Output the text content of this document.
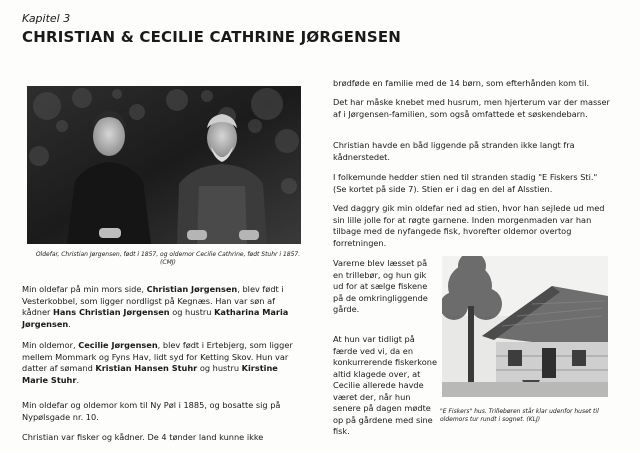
Kapitel 3
CHRISTIAN & CECILIE CATHRINE JØRGENSEN
Oldefar, Christian Jørgensen, født i 1857, og oldemor Cecilie Cathrine, født Stuhr i 1857. (CMJ)

Min oldefar på min mors side, Christian Jørgensen, blev født i Vesterkobbel, som ligger nordligst på Kegnæs. Han var søn af kådner Hans Christian Jørgensen og hustru Katharina Maria Jørgensen.

Min oldemor, Cecilie Jørgensen, blev født i Ertebjerg, som ligger mellem Mommark og Fyns Hav, lidt syd for Ketting Skov. Hun var datter af sømand Kristian Hansen Stuhr og hustru Kirstine Marie Stuhr.

Min oldefar og oldemor kom til Ny Pøl i 1885, og bosatte sig på Nypølsgade nr. 10.

Christian var fisker og kådner. De 4 tønder land kunne ikke

brødføde en familie med de 14 børn, som efterhånden kom til.

Det har måske knebet med husrum, men hjerterum var der masser af i Jørgensen-familien, som også omfattede et søskendebarn.

Christian havde en båd liggende på stranden ikke langt fra kådnerstedet.

I folkemunde hedder stien ned til stranden stadig "E Fiskers Sti." (Se kortet på side 7). Stien er i dag en del af Alsstien.

Ved daggry gik min oldefar ned ad stien, hvor han sejlede ud med sin lille jolle for at røgte garnene. Inden morgenmaden var han tilbage med de nyfangede fisk, hvorefter oldemor overtog forretningen.

Varerne blev læsset på en trillebør, og hun gik ud for at sælge fiskene på de omkringliggende gårde.

At hun var tidligt på færde ved vi, da en konkurrerende fiskerkone altid klagede over, at Cecilie allerede havde været der, når hun senere på dagen mødte op på gårdene med sine fisk.

"E Fiskers" hus. Trillebøren står klar udenfor huset til oldemors tur rundt i sognet. (KLJ)
